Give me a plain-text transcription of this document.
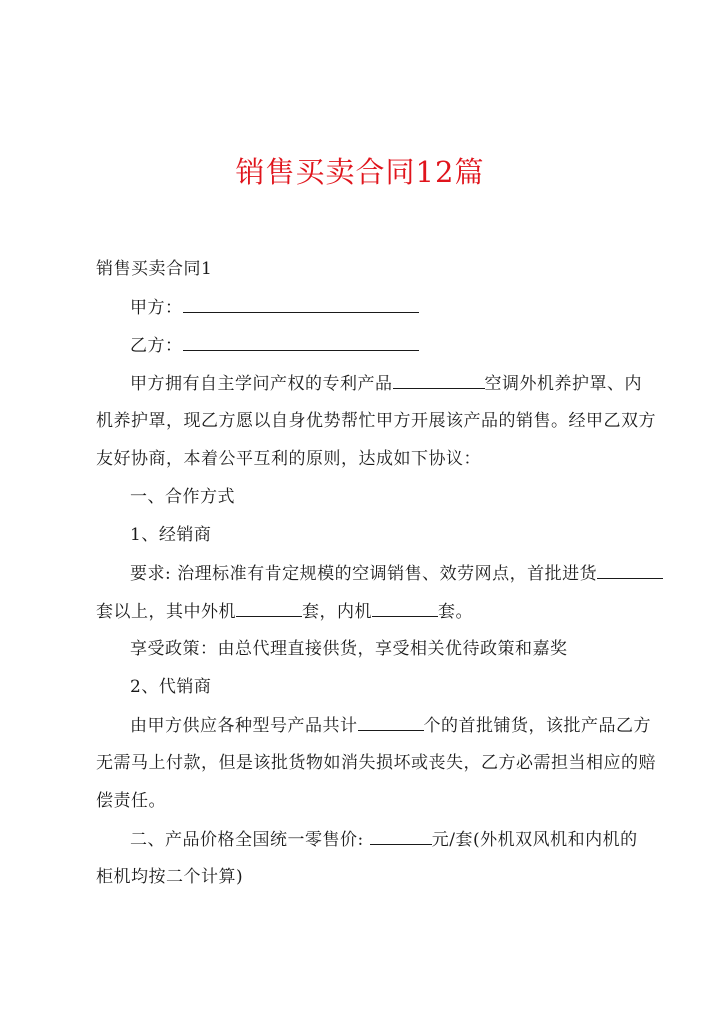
销售买卖合同12篇
销售买卖合同1
甲方：
乙方：
甲方拥有自主学问产权的专利产品	空调外机养护罩、内
机养护罩，现乙方愿以自身优势帮忙甲方开展该产品的销售。经甲乙双方
友好协商，本着公平互利的原则，达成如下协议：
一、合作方式
1、经销商
要求: 治理标准有肯定规模的空调销售、效劳网点，首批进货
套以上，其中外机	套，内机	套。
享受政策：由总代理直接供货，享受相关优待政策和嘉奖
2、代销商
由甲方供应各种型号产品共计	个的首批铺货，该批产品乙方
无需马上付款，但是该批货物如消失损坏或丧失，乙方必需担当相应的赔
偿责任。
二、产品价格全国统一零售价:	元/套(外机双风机和内机的
柜机均按二个计算)
